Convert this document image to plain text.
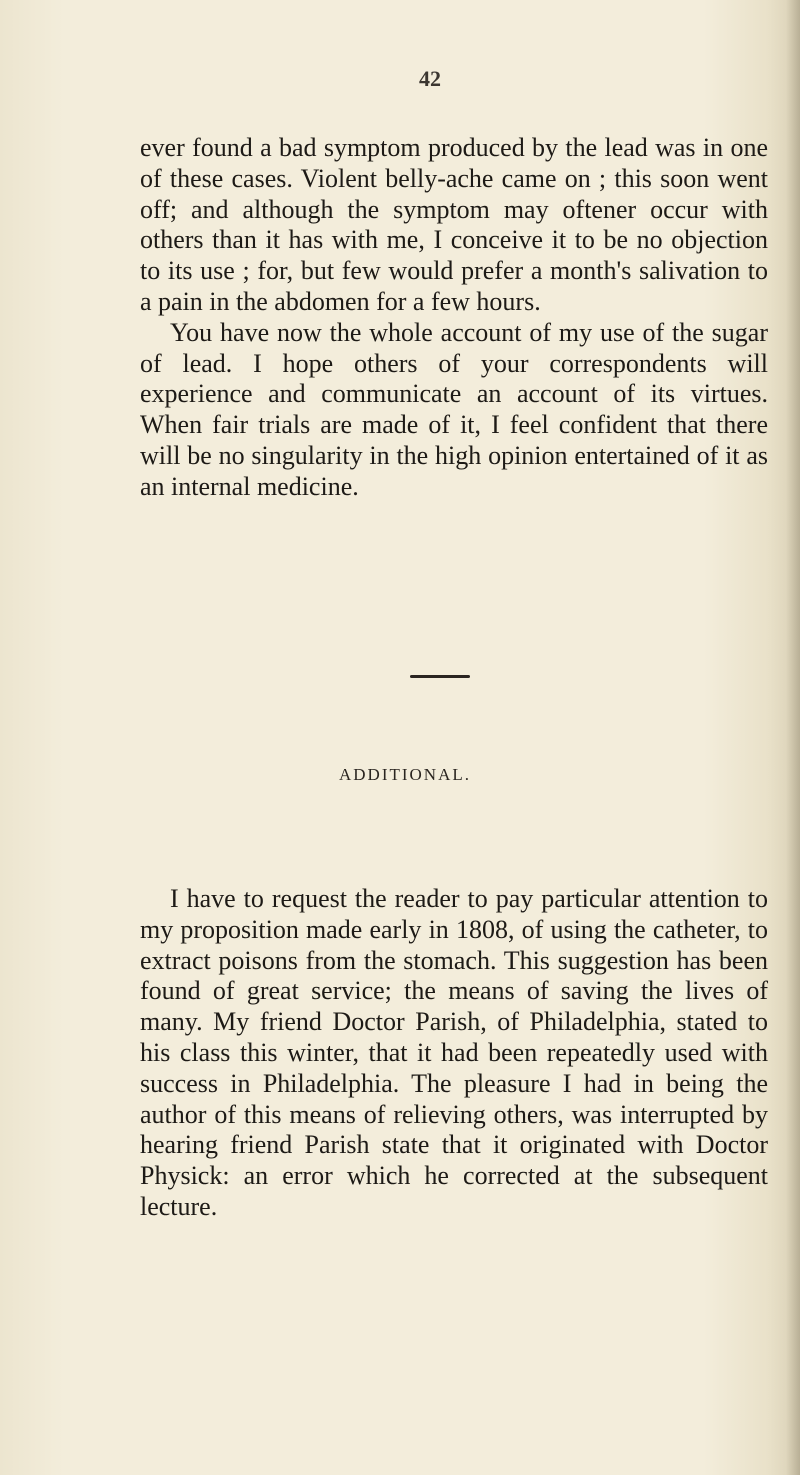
42

ever found a bad symptom produced by the lead was in one of these cases. Violent belly-ache came on ; this soon went off; and although the symptom may oftener occur with others than it has with me, I conceive it to be no objection to its use ; for, but few would prefer a month's salivation to a pain in the abdomen for a few hours.

You have now the whole account of my use of the sugar of lead. I hope others of your correspondents will experience and communicate an account of its virtues. When fair trials are made of it, I feel confident that there will be no singularity in the high opinion entertained of it as an internal medicine.

ADDITIONAL.

I have to request the reader to pay particular attention to my proposition made early in 1808, of using the catheter, to extract poisons from the stomach. This suggestion has been found of great service; the means of saving the lives of many. My friend Doctor Parish, of Philadelphia, stated to his class this winter, that it had been repeatedly used with success in Philadelphia. The pleasure I had in being the author of this means of relieving others, was interrupted by hearing friend Parish state that it originated with Doctor Physick: an error which he corrected at the subsequent lecture.
